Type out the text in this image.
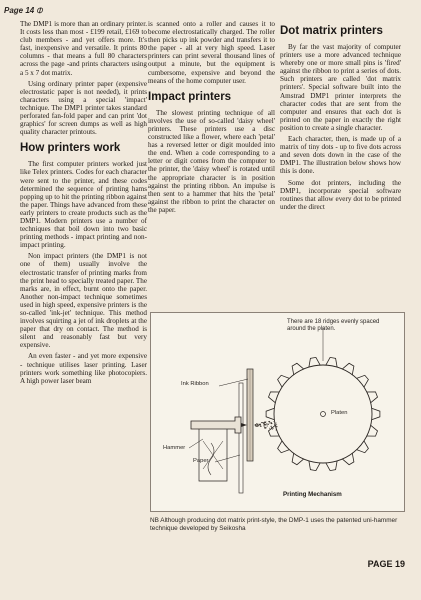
Page 14 ⦶

The DMP1 is more than an ordinary printer. It costs less than most - £199 retail, £169 to club members - and yet offers more. It's fast, inexpensive and versatile. It prints 80 columns - that means a full 80 characters across the page -and prints characters using a 5 x 7 dot matrix.

Using ordinary printer paper (expensive electrostatic paper is not needed), it prints characters using a special 'impact' technique. The DMP1 printer takes standard perforated fan-fold paper and can print 'dot graphics' for screen dumps as well as high quality character printouts.

How printers work

The first computer printers worked just like Telex printers. Codes for each character were sent to the printer, and these codes determined the sequence of printing hams popping up to hit the printing ribbon against the paper. Things have advanced from these early printers to create products such as the DMP1. Modern printers use a number of techniques that boil down into two basic printing methods - impact printing and non-impact printing.

Non impact printers (the DMP1 is not one of them) usually involve the electrostatic transfer of printing marks from the print head to specially treated paper. The marks are, in effect, burnt onto the paper. Another non-impact technique sometimes used in high speed, expensive printers is the so-called 'ink-jet' technique. This method involves squirting a jet of ink droplets at the paper that dry on contact. The method is silent and reasonably fast but very expensive.

An even faster - and yet more expensive - technique utilises laser printing. Laser printers work something like photocopiers. A high power laser beam

is scanned onto a roller and causes it to become electrostatically charged. The roller then picks up ink powder and transfers it to the paper - all at very high speed. Laser printers can print several thousand lines of output a minute, but the equipment is cumbersome, expensive and beyond the means of the home computer user.

Impact printers

The slowest printing technique of all involves the use of so-called 'daisy wheel' printers. These printers use a disc constructed like a flower, where each 'petal' has a reversed letter or digit moulded into the end. When a code corresponding to a letter or digit comes from the computer to the printer, the 'daisy wheel' is rotated until the appropriate character is in position against the printing ribbon. An impulse is then sent to a hammer that hits the 'petal' against the ribbon to print the character on the paper.

Dot matrix printers

By far the vast majority of computer printers use a more advanced technique whereby one or more small pins is 'fired' against the ribbon to print a series of dots. Such printers are called 'dot matrix printers'. Special software built into the Amstrad DMP1 printer interprets the character codes that are sent from the computer and ensures that each dot is printed on the paper in exactly the right position to create a single character.

Each character, then, is made up of a matrix of tiny dots - up to five dots across and seven dots down in the case of the DMP1. The illustration below shows how this is done.

Some dot printers, including the DMP1, incorporate special software routines that allow every dot to be printed under the direct

There are 18 ridges evenly spaced around the platen.
Ink Ribbon
Platen
Hammer
Paper
Printing Mechanism
NB Although producing dot matrix print-style, the DMP-1 uses the patented uni-hammer technique developed by Seikosha
PAGE 19
